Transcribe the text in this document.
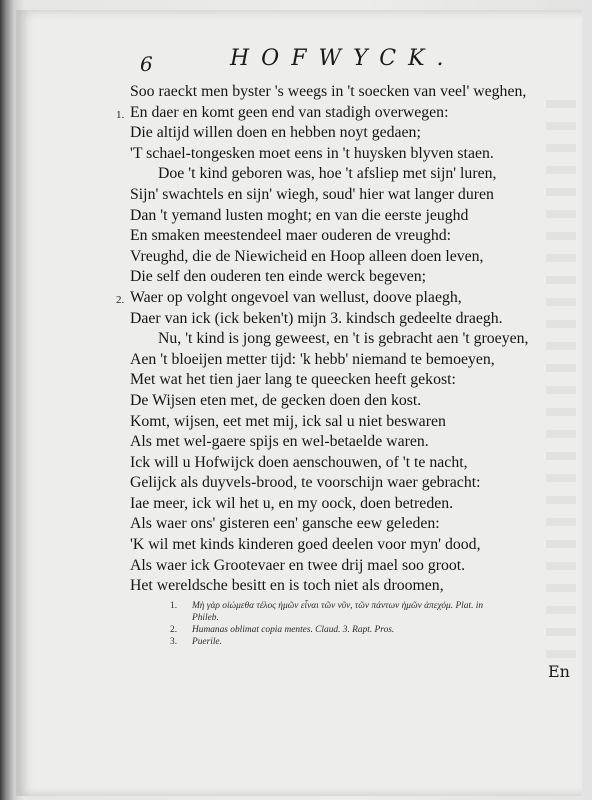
6	HOFWYCK.
Soo raeckt men byster 's weegs in 't soecken van veel' weghen,
1. En daer en komt geen end van stadigh overwegen:
Die altijd willen doen en hebben noyt gedaen;
'T schael-tongesken moet eens in 't huysken blyven staen.
Doe 't kind geboren was, hoe 't afsliep met sijn' luren,
Sijn' swachtels en sijn' wiegh, soud' hier wat langer duren
Dan 't yemand lusten moght; en van die eerste jeughd
En smaken meestendeel maer ouderen de vreughd:
Vreughd, die de Niewicheid en Hoop alleen doen leven,
Die self den ouderen ten einde werck begeven;
2. Waer op volght ongevoel van wellust, doove plaegh,
Daer van ick (ick beken't) mijn 3. kindsch gedeelte draegh.
Nu, 't kind is jong geweest, en 't is gebracht aen 't groeyen,
Aen 't bloeijen metter tijd: 'k hebb' niemand te bemoeyen,
Met wat het tien jaer lang te queecken heeft gekost:
De Wijsen eten met, de gecken doen den kost.
Komt, wijsen, eet met mij, ick sal u niet beswaren
Als met wel-gaere spijs en wel-betaelde waren.
Ick will u Hofwijck doen aenschouwen, of 't te nacht,
Gelijck als duyvels-brood, te voorschijn waer gebracht:
Iae meer, ick wil het u, en my oock, doen betreden.
Als waer ons' gisteren een' gansche eew geleden:
'K wil met kinds kinderen goed deelen voor myn' dood,
Als waer ick Grootevaer en twee drij mael soo groot.
Het wereldsche besitt en is toch niet als droomen,
1. Μὴ γὰρ οἰώμεθα τέλος ἡμῶν εἶναι τῶν νῦν, τῶν πάντων ἡμῶν ἀπεχόμ. Plat. in
Phileb.
2. Humanas oblimat copia mentes. Claud. 3. Rapt. Pros.
3. Puerile.
En
